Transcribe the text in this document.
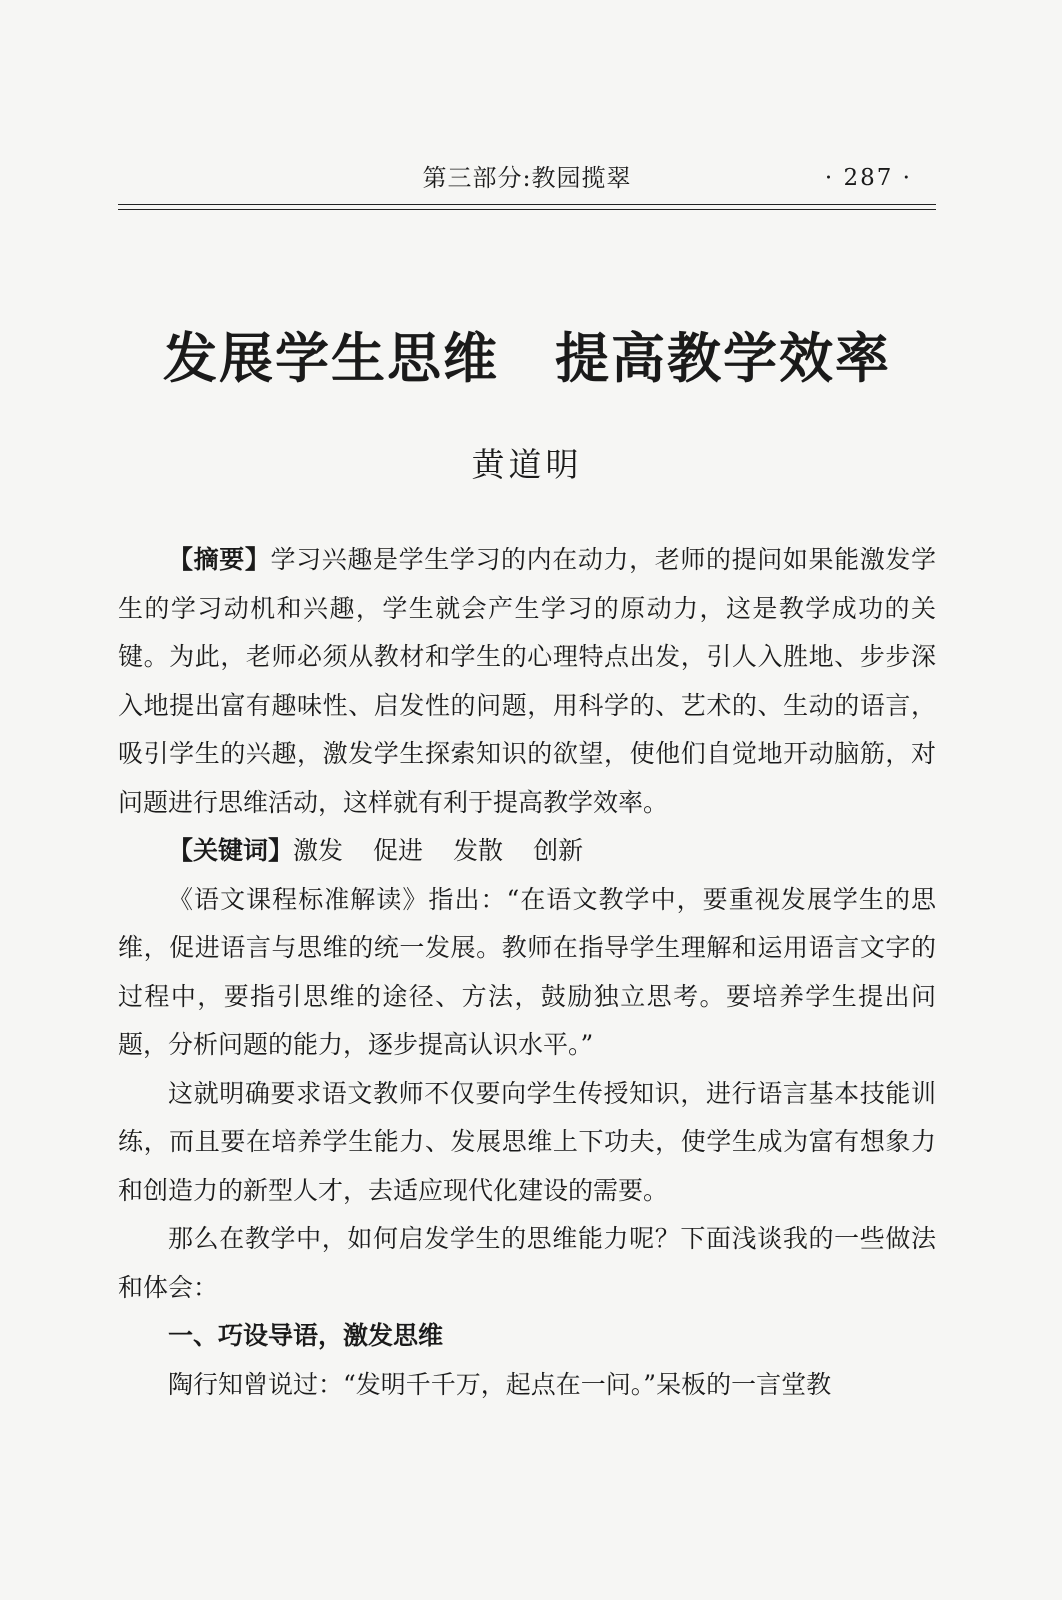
第三部分:教园揽翠	· 287 ·
发展学生思维　提高教学效率
黄道明

【摘要】学习兴趣是学生学习的内在动力，老师的提问如果能激发学生的学习动机和兴趣，学生就会产生学习的原动力，这是教学成功的关键。为此，老师必须从教材和学生的心理特点出发，引人入胜地、步步深入地提出富有趣味性、启发性的问题，用科学的、艺术的、生动的语言，吸引学生的兴趣，激发学生探索知识的欲望，使他们自觉地开动脑筋，对问题进行思维活动，这样就有利于提高教学效率。

【关键词】激发 促进 发散 创新

《语文课程标准解读》指出：“在语文教学中，要重视发展学生的思维，促进语言与思维的统一发展。教师在指导学生理解和运用语言文字的过程中，要指引思维的途径、方法，鼓励独立思考。要培养学生提出问题，分析问题的能力，逐步提高认识水平。”

这就明确要求语文教师不仅要向学生传授知识，进行语言基本技能训练，而且要在培养学生能力、发展思维上下功夫，使学生成为富有想象力和创造力的新型人才，去适应现代化建设的需要。

那么在教学中，如何启发学生的思维能力呢？下面浅谈我的一些做法和体会：

一、巧设导语，激发思维

陶行知曾说过：“发明千千万，起点在一问。”呆板的一言堂教
